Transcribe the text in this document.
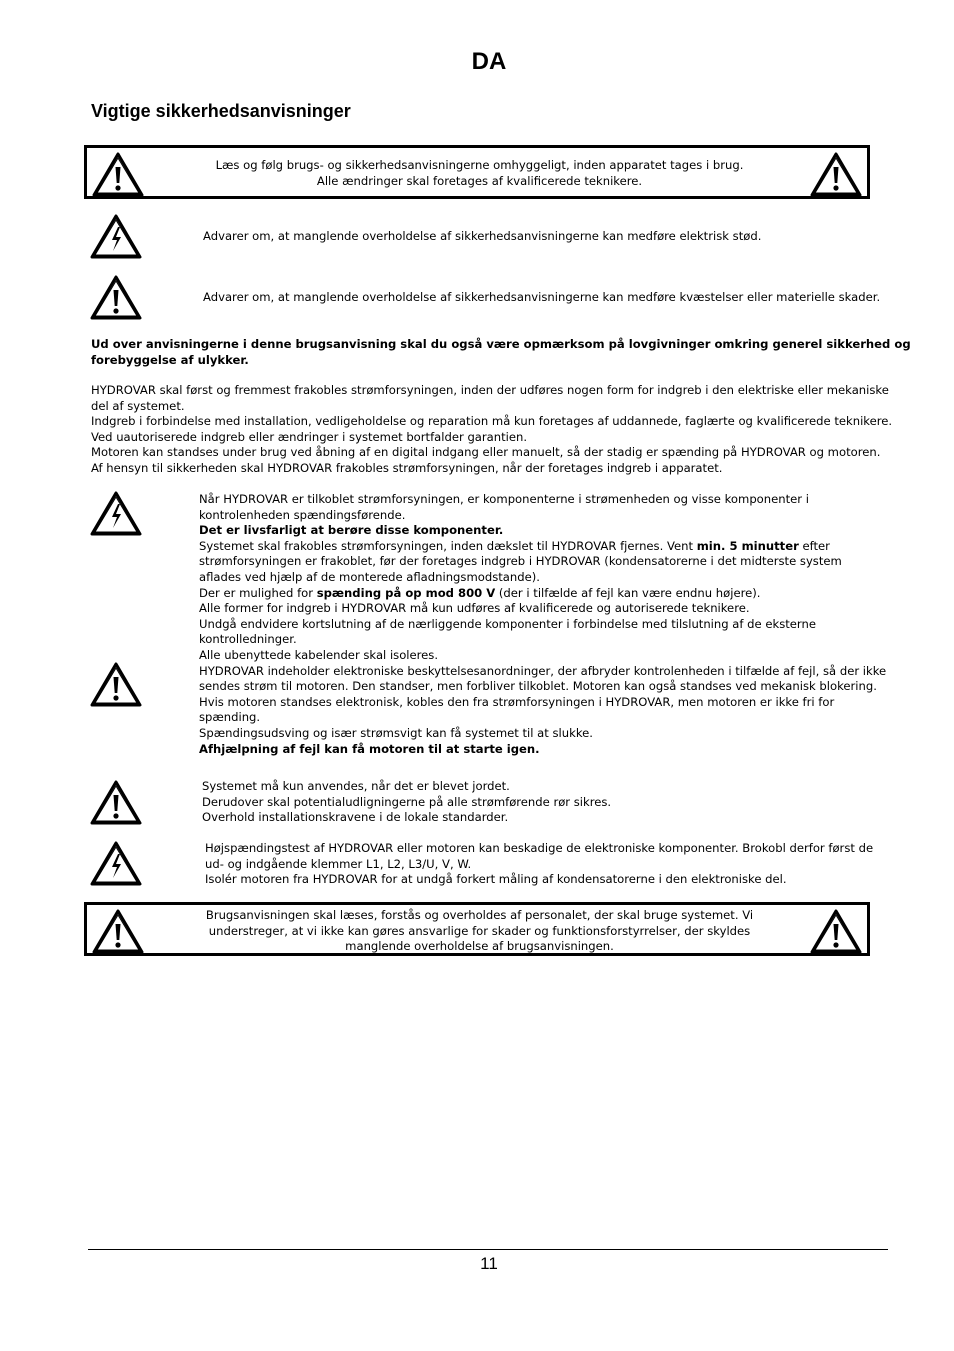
DA
Vigtige sikkerhedsanvisninger
Læs og følg brugs- og sikkerhedsanvisningerne omhyggeligt, inden apparatet tages i brug.
Alle ændringer skal foretages af kvalificerede teknikere.
Advarer om, at manglende overholdelse af sikkerhedsanvisningerne kan medføre elektrisk stød.
Advarer om, at manglende overholdelse af sikkerhedsanvisningerne kan medføre kvæstelser eller materielle skader.
Ud over anvisningerne i denne brugsanvisning skal du også være opmærksom på lovgivninger omkring generel sikkerhed og
forebyggelse af ulykker.
HYDROVAR skal først og fremmest frakobles strømforsyningen, inden der udføres nogen form for indgreb i den elektriske eller mekaniske
del af systemet.
Indgreb i forbindelse med installation, vedligeholdelse og reparation må kun foretages af uddannede, faglærte og kvalificerede teknikere.
Ved uautoriserede indgreb eller ændringer i systemet bortfalder garantien.
Motoren kan standses under brug ved åbning af en digital indgang eller manuelt, så der stadig er spænding på HYDROVAR og motoren.
Af hensyn til sikkerheden skal HYDROVAR frakobles strømforsyningen, når der foretages indgreb i apparatet.
Når HYDROVAR er tilkoblet strømforsyningen, er komponenterne i strømenheden og visse komponenter i
kontrolenheden spændingsførende.
Det er livsfarligt at berøre disse komponenter.
Systemet skal frakobles strømforsyningen, inden dækslet til HYDROVAR fjernes. Vent min. 5 minutter efter
strømforsyningen er frakoblet, før der foretages indgreb i HYDROVAR (kondensatorerne i det midterste system
aflades ved hjælp af de monterede afladningsmodstande).
Der er mulighed for spænding på op mod 800 V (der i tilfælde af fejl kan være endnu højere).
Alle former for indgreb i HYDROVAR må kun udføres af kvalificerede og autoriserede teknikere.
Undgå endvidere kortslutning af de nærliggende komponenter i forbindelse med tilslutning af de eksterne
kontrolledninger.
Alle ubenyttede kabelender skal isoleres.
HYDROVAR indeholder elektroniske beskyttelsesanordninger, der afbryder kontrolenheden i tilfælde af fejl, så der ikke
sendes strøm til motoren. Den standser, men forbliver tilkoblet. Motoren kan også standses ved mekanisk blokering.
Hvis motoren standses elektronisk, kobles den fra strømforsyningen i HYDROVAR, men motoren er ikke fri for
spænding.
Spændingsudsving og især strømsvigt kan få systemet til at slukke.
Afhjælpning af fejl kan få motoren til at starte igen.
Systemet må kun anvendes, når det er blevet jordet.
Derudover skal potentialudligningerne på alle strømførende rør sikres.
Overhold installationskravene i de lokale standarder.
Højspændingstest af HYDROVAR eller motoren kan beskadige de elektroniske komponenter. Brokobl derfor først de
ud- og indgående klemmer L1, L2, L3/U, V, W.
Isolér motoren fra HYDROVAR for at undgå forkert måling af kondensatorerne i den elektroniske del.
Brugsanvisningen skal læses, forstås og overholdes af personalet, der skal bruge systemet. Vi
understreger, at vi ikke kan gøres ansvarlige for skader og funktionsforstyrrelser, der skyldes
manglende overholdelse af brugsanvisningen.
11
